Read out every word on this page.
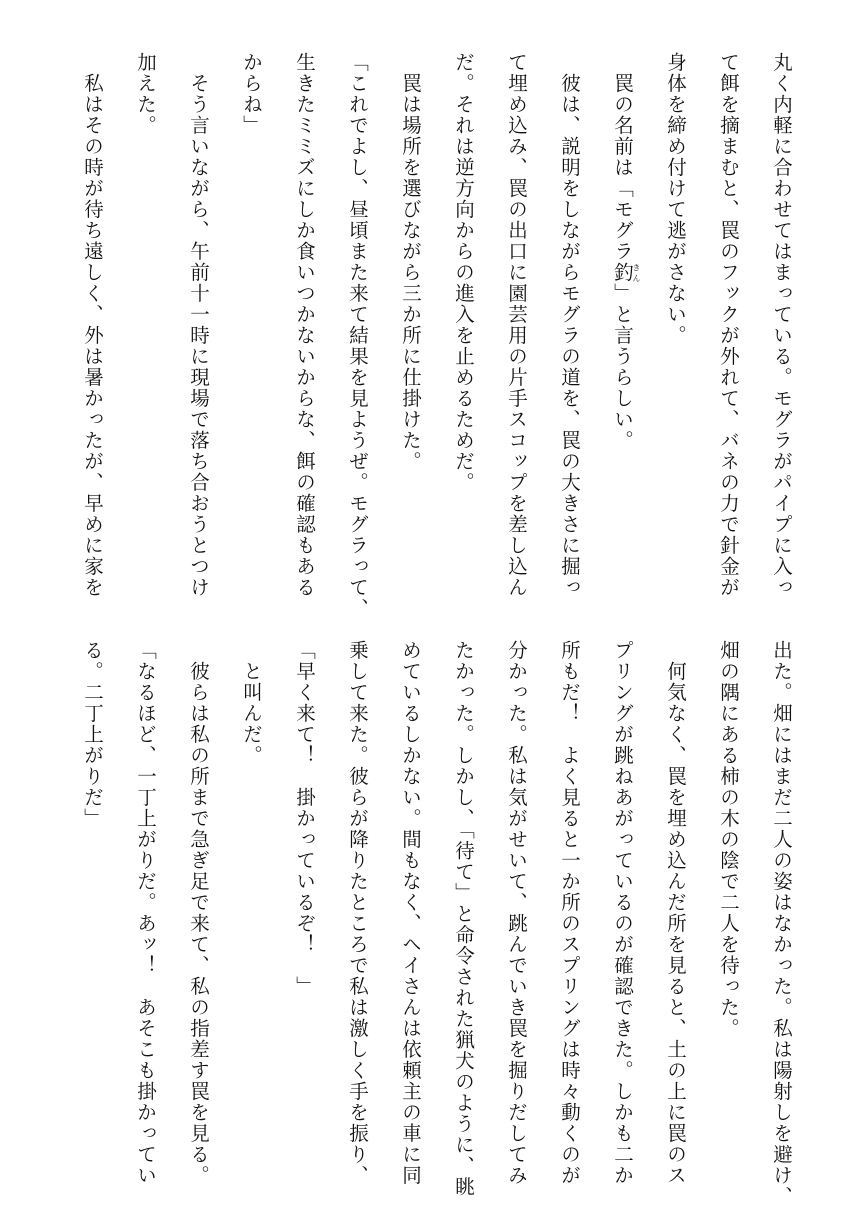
丸く内軽に合わせてはまっている。モグラがパイプに入っ
て餌を摘まむと、罠のフックが外れて、バネの力で針金が
身体を締め付けて逃がさない。
　罠の名前は「モグラ釣きん」と言うらしい。
　彼は、説明をしながらモグラの道を、罠の大きさに掘っ
て埋め込み、罠の出口に園芸用の片手スコップを差し込ん
だ。それは逆方向からの進入を止めるためだ。
　罠は場所を選びながら三か所に仕掛けた。
「これでよし、昼頃また来て結果を見ようぜ。モグラって、
生きたミミズにしか食いつかないからな、餌の確認もある
からね」
　そう言いながら、午前十一時に現場で落ち合おうとつけ
加えた。
　私はその時が待ち遠しく、外は暑かったが、早めに家を
出た。畑にはまだ二人の姿はなかった。私は陽射しを避け、
畑の隅にある柿の木の陰で二人を待った。
　何気なく、罠を埋め込んだ所を見ると、土の上に罠のス
プリングが跳ねあがっているのが確認できた。しかも二か
所もだ！　よく見ると一か所のスプリングは時々動くのが
分かった。私は気がせいて、跳んでいき罠を掘りだしてみ
たかった。しかし、「待て」と命令された猟犬のように、眺
めているしかない。間もなく、ヘイさんは依頼主の車に同
乗して来た。彼らが降りたところで私は激しく手を振り、
「早く来て！　掛かっているぞ！　」
　と叫んだ。
　彼らは私の所まで急ぎ足で来て、私の指差す罠を見る。
「なるほど、一丁上がりだ。あッ！　あそこも掛かってい
る。二丁上がりだ」
